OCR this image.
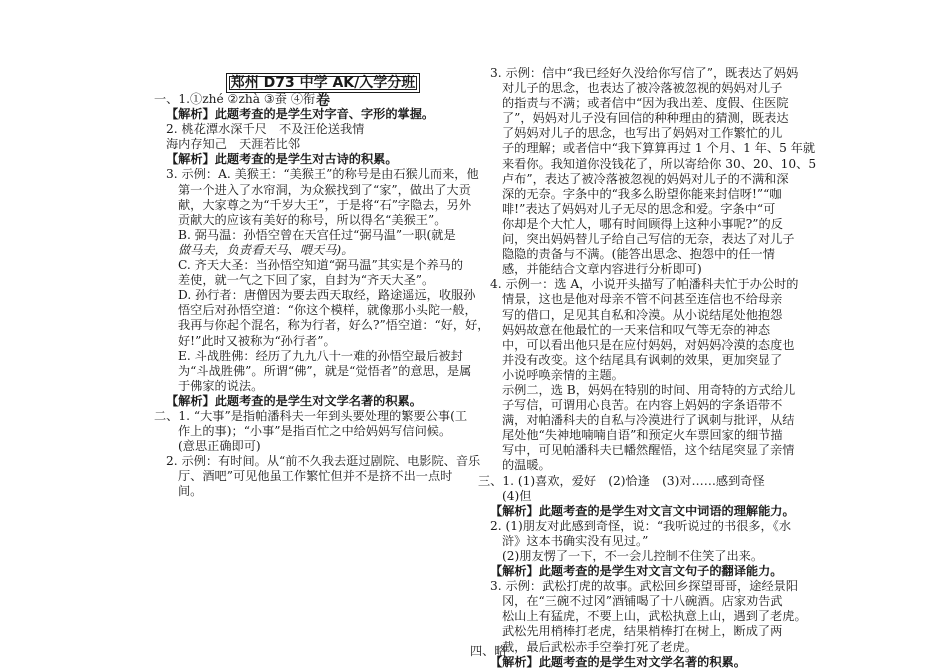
郑州 D73 中学 AK/入学分班卷
一、1.①zhé ②zhà ③蚕 ④衔
【解析】此题考查的是学生对字音、字形的掌握。
2. 桃花潭水深千尺　不及汪伦送我情
海内存知己　天涯若比邻
【解析】此题考查的是学生对古诗的积累。
3. 示例：A. 美猴王：“美猴王”的称号是由石猴儿而来，他
第一个进入了水帘洞，为众猴找到了“家”，做出了大贡
献，大家尊之为“千岁大王”，于是将“石”字隐去，另外
贡献大的应该有美好的称号，所以得名“美猴王”。
B. 弼马温：孙悟空曾在天宫任过“弼马温”一职(就是
做马夫，负责看天马、喂天马)。
C. 齐天大圣：当孙悟空知道“弼马温”其实是个养马的
差使，就一气之下回了家，自封为“齐天大圣”。
D. 孙行者：唐僧因为要去西天取经，路途遥远，收服孙
悟空后对孙悟空道：“你这个模样，就像那小头陀一般，
我再与你起个混名，称为行者，好么?”悟空道：“好，好，
好!”此时又被称为“孙行者”。
E. 斗战胜佛：经历了九九八十一难的孙悟空最后被封
为“斗战胜佛”。所谓“佛”，就是“觉悟者”的意思，是属
于佛家的说法。
【解析】此题考查的是学生对文学名著的积累。
二、1. “大事”是指帕潘科夫一年到头要处理的繁要公事(工
作上的事)；“小事”是指百忙之中给妈妈写信问候。
(意思正确即可)
2. 示例：有时间。从“前不久我去逛过剧院、电影院、音乐
厅、酒吧”可见他虽工作繁忙但并不是挤不出一点时
间。
3. 示例：信中“我已经好久没给你写信了”，既表达了妈妈
对儿子的思念，也表达了被冷落被忽视的妈妈对儿子
的指责与不满；或者信中“因为我出差、度假、住医院
了”，妈妈对儿子没有回信的种种理由的猜测，既表达
了妈妈对儿子的思念，也写出了妈妈对工作繁忙的儿
子的理解；或者信中“我下算算再过 1 个月、1 年、5 年就
来看你。我知道你没钱花了，所以寄给你 30、20、10、5
卢布”，表达了被冷落被忽视的妈妈对儿子的不满和深
深的无奈。字条中的“我多么盼望你能来封信呀!”“咖
啡!”表达了妈妈对儿子无尽的思念和爱。字条中“可
你却是个大忙人，哪有时间顾得上这种小事呢?”的反
问，突出妈妈替儿子给自己写信的无奈，表达了对儿子
隐隐的责备与不满。(能答出思念、抱怨中的任一情
感，并能结合文章内容进行分析即可)
4. 示例一：选 A，小说开头描写了帕潘科夫忙于办公时的
情景，这也是他对母亲不管不问甚至连信也不给母亲
写的借口，足见其自私和冷漠。从小说结尾处他抱怨
妈妈故意在他最忙的一天来信和叹气等无奈的神态
中，可以看出他只是在应付妈妈，对妈妈冷漠的态度也
并没有改变。这个结尾具有讽刺的效果，更加突显了
小说呼唤亲情的主题。
示例二，选 B，妈妈在特别的时间、用奇特的方式给儿
子写信，可谓用心良苦。在内容上妈妈的字条语带不
满，对帕潘科夫的自私与冷漠进行了讽刺与批评，从结
尾处他“失神地喃喃自语”和预定火车票回家的细节描
写中，可见帕潘科夫已幡然醒悟，这个结尾突显了亲情
的温暖。
三、1. (1)喜欢，爱好　(2)恰逢　(3)对……感到奇怪
(4)但
【解析】此题考查的是学生对文言文中词语的理解能力。
2. (1)朋友对此感到奇怪，说：“我听说过的书很多，《水
浒》这本书确实没有见过。”
(2)朋友愣了一下，不一会儿控制不住笑了出来。
【解析】此题考查的是学生对文言文句子的翻译能力。
3. 示例：武松打虎的故事。武松回乡探望哥哥，途经景阳
冈，在“三碗不过冈”酒铺喝了十八碗酒。店家劝告武
松山上有猛虎，不要上山，武松执意上山，遇到了老虎。
武松先用梢棒打老虎，结果梢棒打在树上，断成了两
截，最后武松赤手空拳打死了老虎。
【解析】此题考查的是学生对文学名著的积累。
四、略
